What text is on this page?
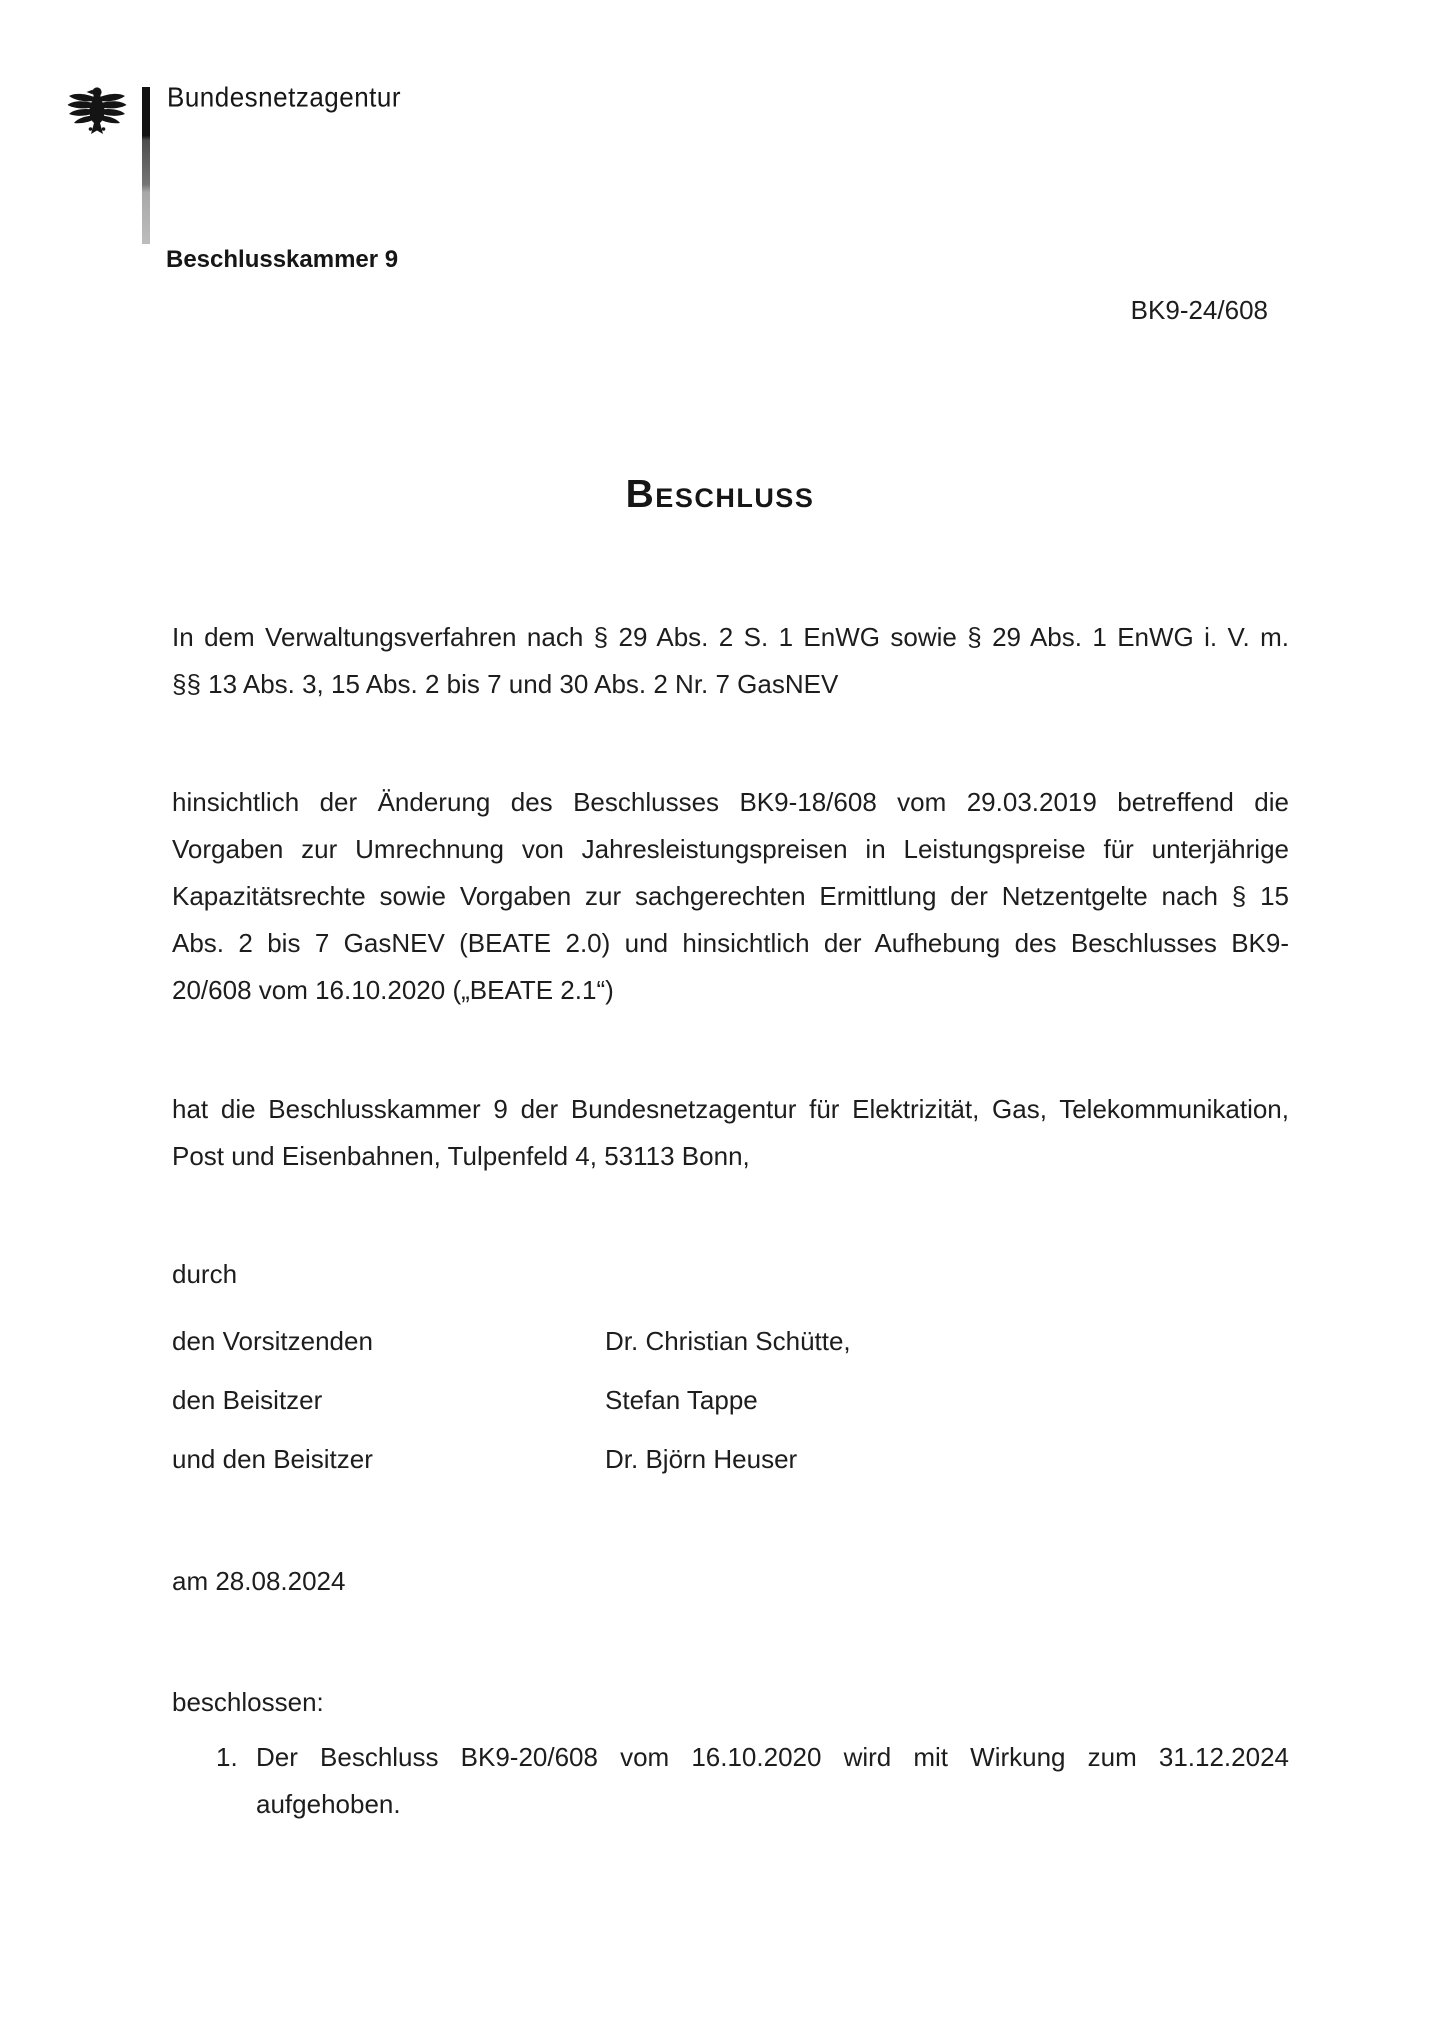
Bundesnetzagentur
Beschlusskammer 9
BK9-24/608
Beschluss
In dem Verwaltungsverfahren nach § 29 Abs. 2 S. 1 EnWG sowie § 29 Abs. 1 EnWG i. V. m.
§§ 13 Abs. 3, 15 Abs. 2 bis 7 und 30 Abs. 2 Nr. 7 GasNEV
hinsichtlich der Änderung des Beschlusses BK9-18/608 vom 29.03.2019 betreffend die
Vorgaben zur Umrechnung von Jahresleistungspreisen in Leistungspreise für unterjährige
Kapazitätsrechte sowie Vorgaben zur sachgerechten Ermittlung der Netzentgelte nach § 15
Abs. 2 bis 7 GasNEV (BEATE 2.0) und hinsichtlich der Aufhebung des Beschlusses BK9-
20/608 vom 16.10.2020 („BEATE 2.1“)
hat die Beschlusskammer 9 der Bundesnetzagentur für Elektrizität, Gas, Telekommunikation,
Post und Eisenbahnen, Tulpenfeld 4, 53113 Bonn,
durch
den Vorsitzenden	Dr. Christian Schütte,
den Beisitzer	Stefan Tappe
und den Beisitzer	Dr. Björn Heuser
am 28.08.2024
beschlossen:
1. Der Beschluss BK9-20/608 vom 16.10.2020 wird mit Wirkung zum 31.12.2024
aufgehoben.
